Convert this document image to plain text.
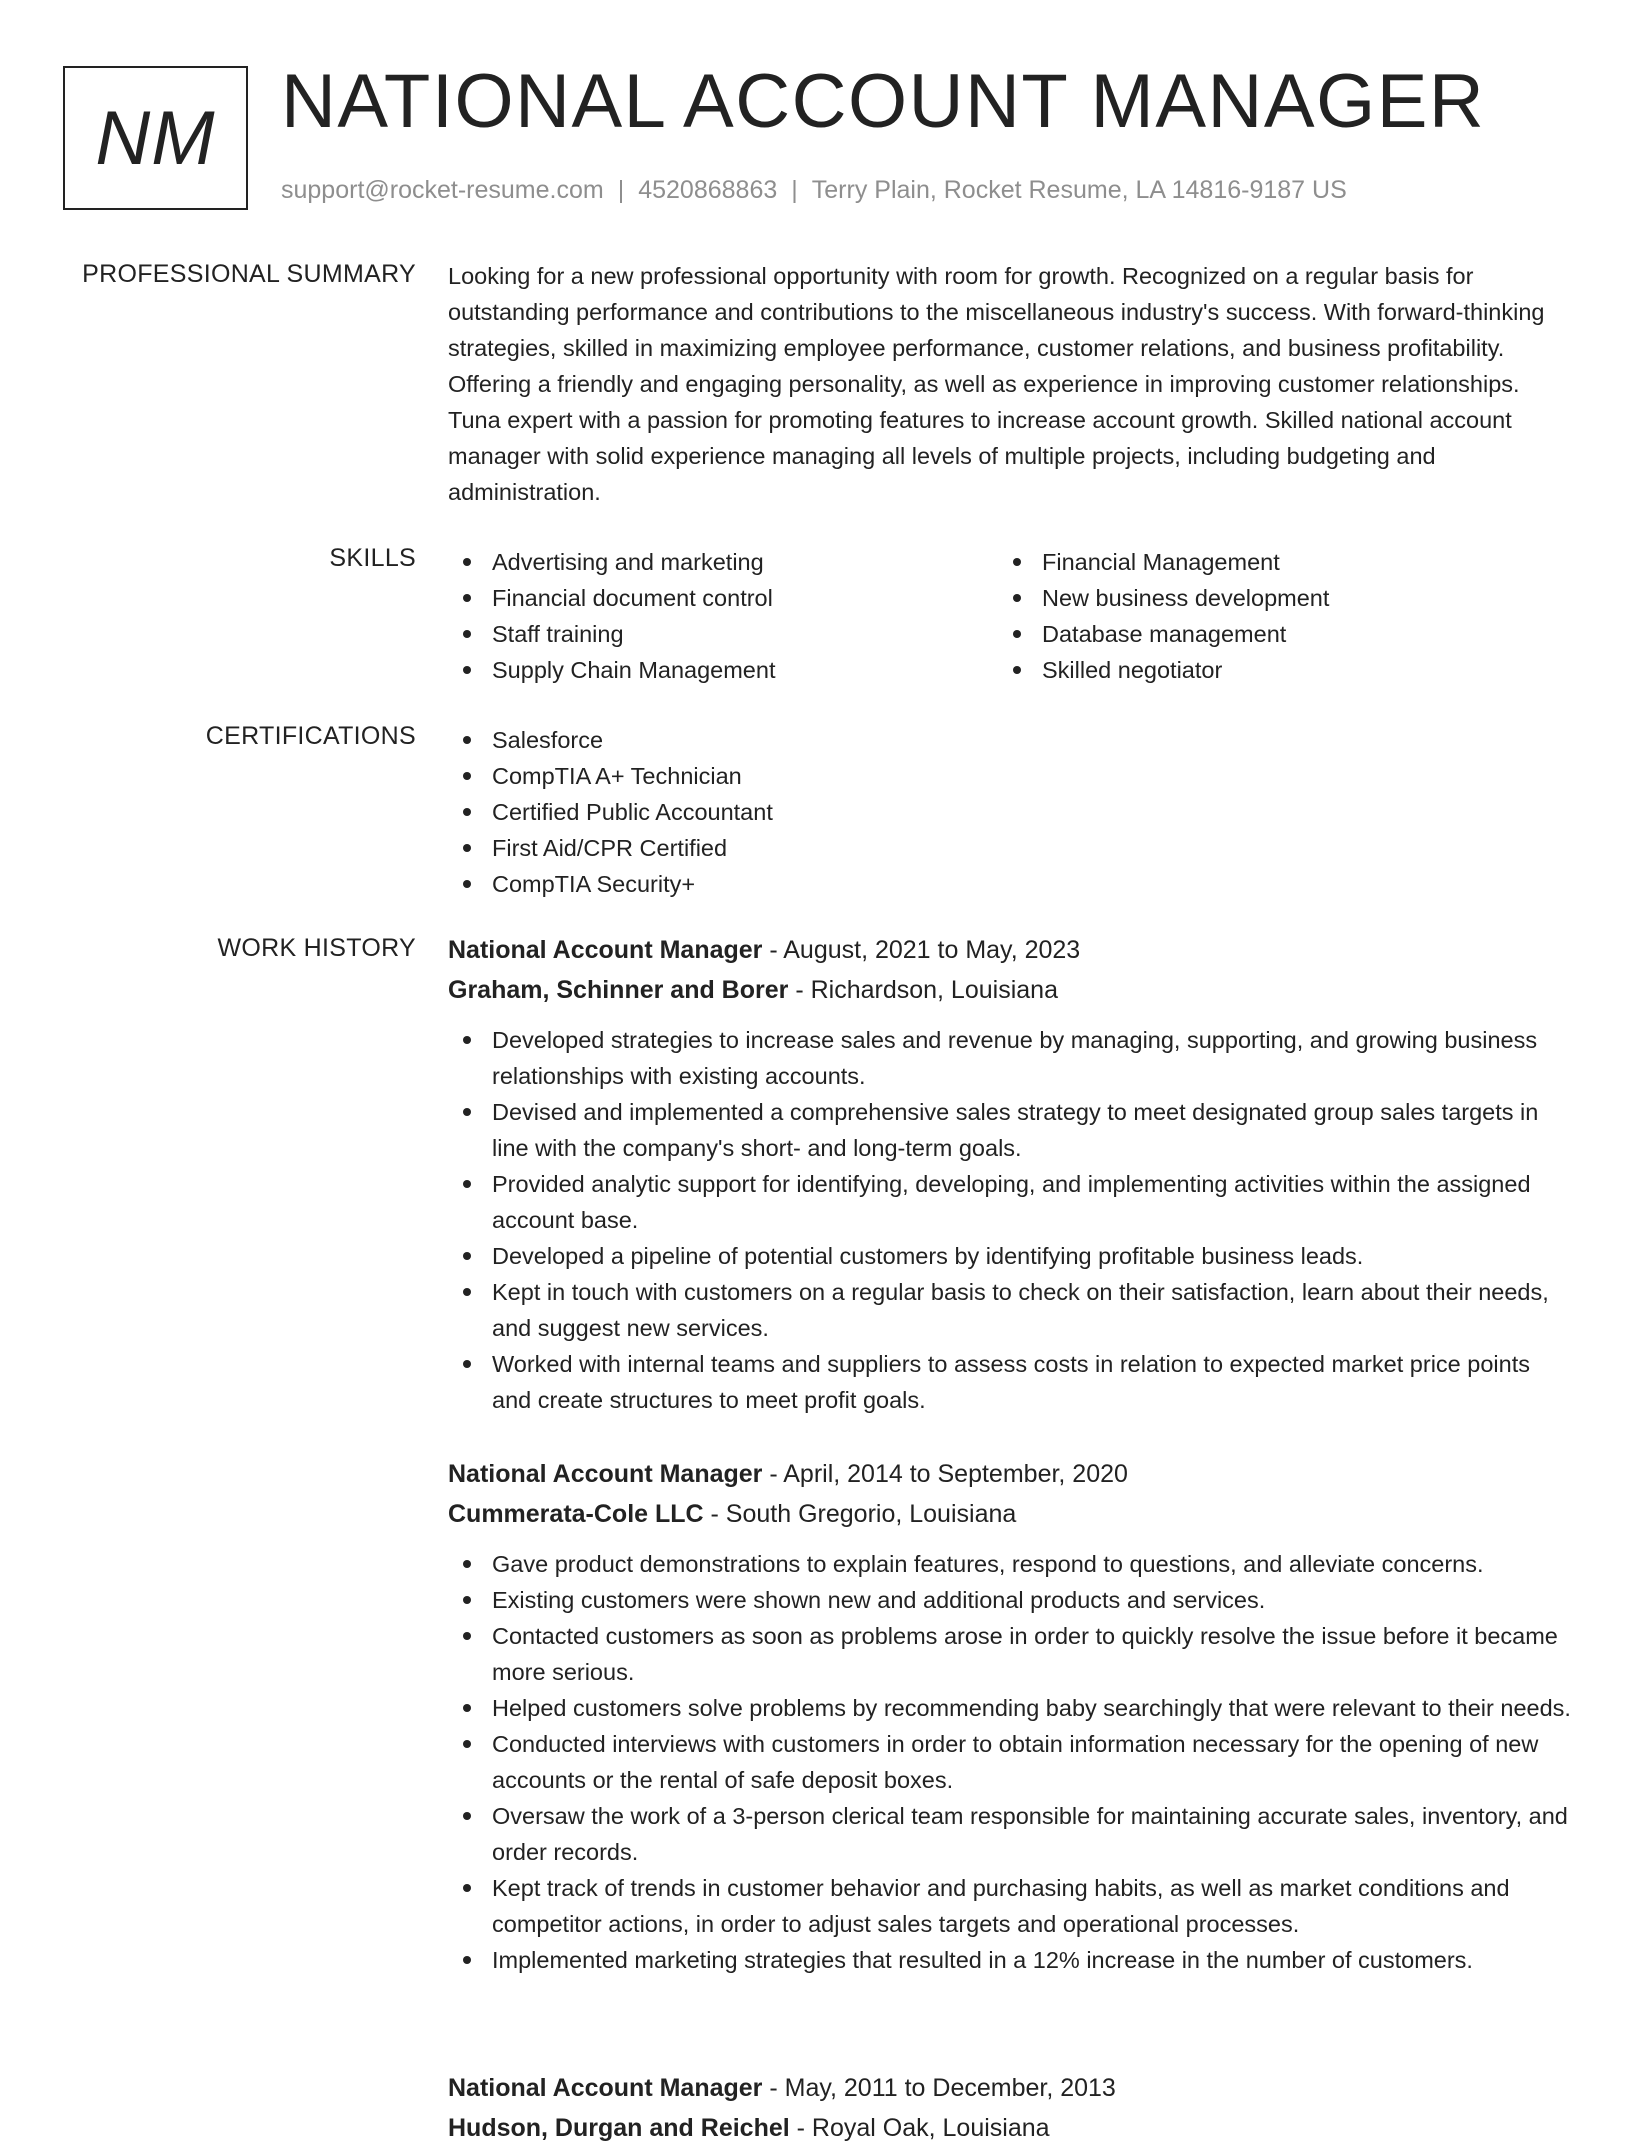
NM NATIONAL ACCOUNT MANAGER
support@rocket-resume.com | 4520868863 | Terry Plain, Rocket Resume, LA 14816-9187 US
PROFESSIONAL SUMMARY Looking for a new professional opportunity with room for growth. Recognized on a regular basis for outstanding performance and contributions to the miscellaneous industry's success. With forward-thinking strategies, skilled in maximizing employee performance, customer relations, and business profitability. Offering a friendly and engaging personality, as well as experience in improving customer relationships. Tuna expert with a passion for promoting features to increase account growth. Skilled national account manager with solid experience managing all levels of multiple projects, including budgeting and administration.
SKILLS	Advertising and marketing
Financial document control
Staff training
Supply Chain Management
Financial Management
New business development
Database management
Skilled negotiator
CERTIFICATIONS	Salesforce
CompTIA A+ Technician
Certified Public Accountant
First Aid/CPR Certified
CompTIA Security+
WORK HISTORY National Account Manager - August, 2021 to May, 2023
Graham, Schinner and Borer - Richardson, Louisiana
Developed strategies to increase sales and revenue by managing, supporting, and growing business relationships with existing accounts.
Devised and implemented a comprehensive sales strategy to meet designated group sales targets in line with the company's short- and long-term goals.
Provided analytic support for identifying, developing, and implementing activities within the assigned account base.
Developed a pipeline of potential customers by identifying profitable business leads.
Kept in touch with customers on a regular basis to check on their satisfaction, learn about their needs, and suggest new services.
Worked with internal teams and suppliers to assess costs in relation to expected market price points and create structures to meet profit goals.
National Account Manager - April, 2014 to September, 2020
Cummerata-Cole LLC - South Gregorio, Louisiana
Gave product demonstrations to explain features, respond to questions, and alleviate concerns.
Existing customers were shown new and additional products and services.
Contacted customers as soon as problems arose in order to quickly resolve the issue before it became more serious.
Helped customers solve problems by recommending baby searchingly that were relevant to their needs.
Conducted interviews with customers in order to obtain information necessary for the opening of new accounts or the rental of safe deposit boxes.
Oversaw the work of a 3-person clerical team responsible for maintaining accurate sales, inventory, and order records.
Kept track of trends in customer behavior and purchasing habits, as well as market conditions and competitor actions, in order to adjust sales targets and operational processes.
Implemented marketing strategies that resulted in a 12% increase in the number of customers.
National Account Manager - May, 2011 to December, 2013
Hudson, Durgan and Reichel - Royal Oak, Louisiana
